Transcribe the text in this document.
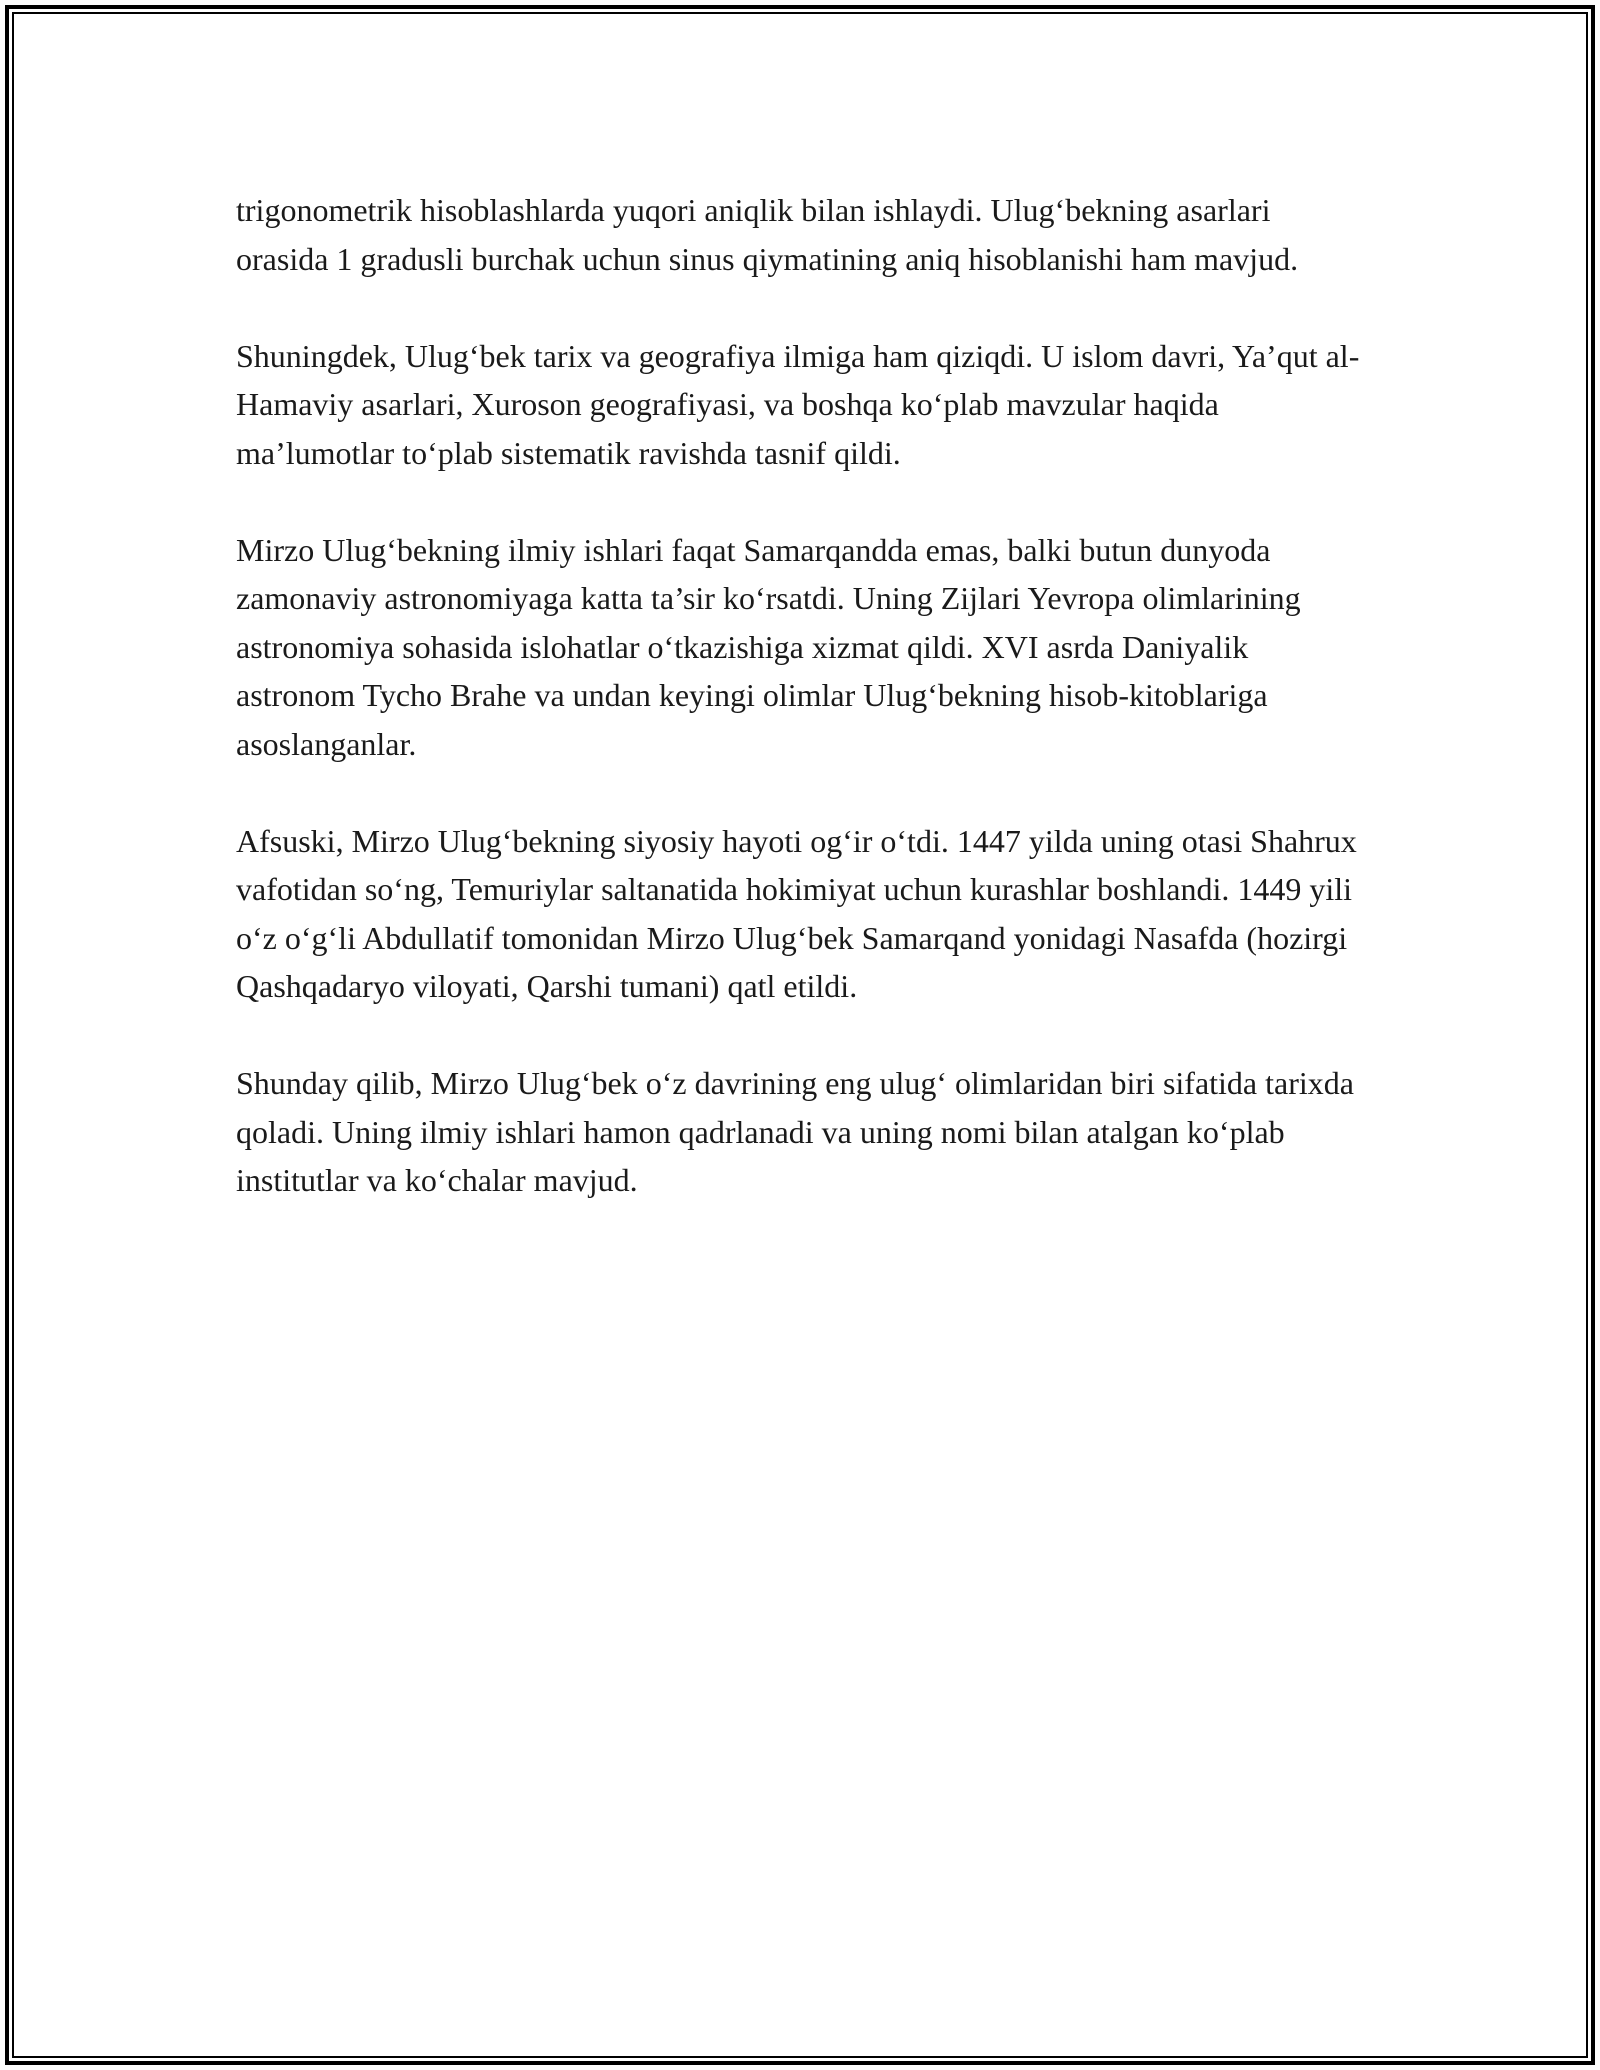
trigonometrik hisoblashlarda yuqori aniqlik bilan ishlaydi. Ulug‘bekning asarlari orasida 1 gradusli burchak uchun sinus qiymatining aniq hisoblanishi ham mavjud.

Shuningdek, Ulug‘bek tarix va geografiya ilmiga ham qiziqdi. U islom davri, Ya’qut al-Hamaviy asarlari, Xuroson geografiyasi, va boshqa ko‘plab mavzular haqida ma’lumotlar to‘plab sistematik ravishda tasnif qildi.

Mirzo Ulug‘bekning ilmiy ishlari faqat Samarqandda emas, balki butun dunyoda zamonaviy astronomiyaga katta ta’sir ko‘rsatdi. Uning Zijlari Yevropa olimlarining astronomiya sohasida islohatlar o‘tkazishiga xizmat qildi. XVI asrda Daniyalik astronom Tycho Brahe va undan keyingi olimlar Ulug‘bekning hisob-kitoblariga asoslanganlar.

Afsuski, Mirzo Ulug‘bekning siyosiy hayoti og‘ir o‘tdi. 1447 yilda uning otasi Shahrux vafotidan so‘ng, Temuriylar saltanatida hokimiyat uchun kurashlar boshlandi. 1449 yili o‘z o‘g‘li Abdullatif tomonidan Mirzo Ulug‘bek Samarqand yonidagi Nasafda (hozirgi Qashqadaryo viloyati, Qarshi tumani) qatl etildi.

Shunday qilib, Mirzo Ulug‘bek o‘z davrining eng ulug‘ olimlaridan biri sifatida tarixda qoladi. Uning ilmiy ishlari hamon qadrlanadi va uning nomi bilan atalgan ko‘plab institutlar va ko‘chalar mavjud.
